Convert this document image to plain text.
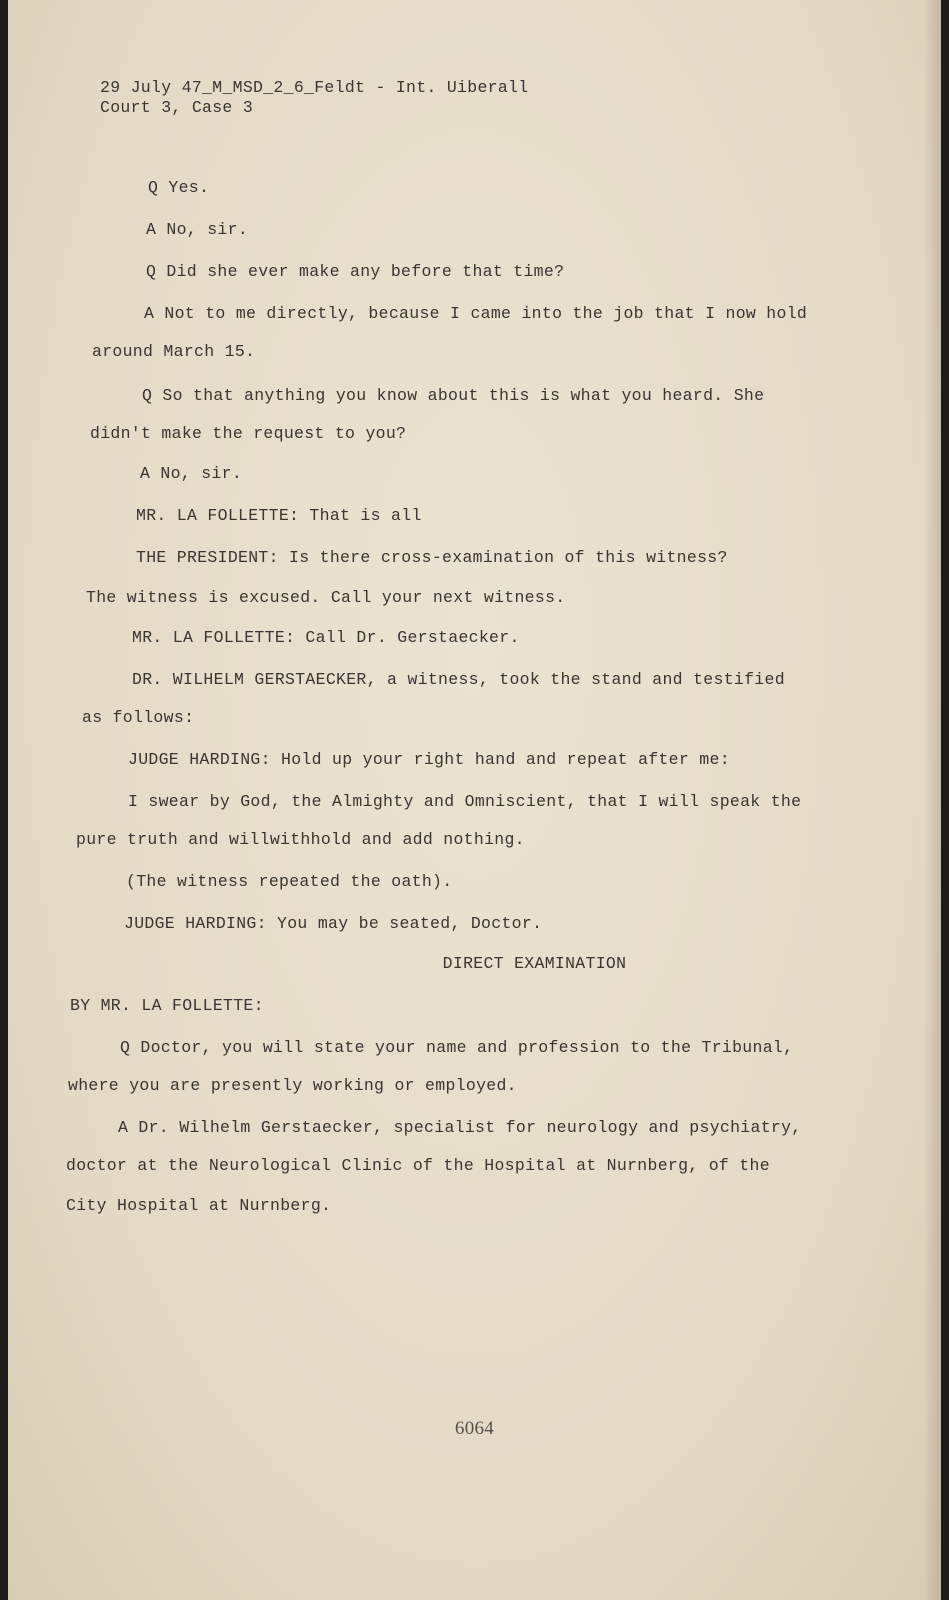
29 July 47_M_MSD_2_6_Feldt - Int. Uiberall
Court 3, Case 3
Q Yes.
A No, sir.
Q Did she ever make any before that time?
A Not to me directly, because I came into the job that I now hold
around March 15.
Q So that anything you know about this is what you heard. She
didn't make the request to you?
A No, sir.
MR. LA FOLLETTE: That is all
THE PRESIDENT: Is there cross-examination of this witness?
The witness is excused. Call your next witness.
MR. LA FOLLETTE: Call Dr. Gerstaecker.
DR. WILHELM GERSTAECKER, a witness, took the stand and testified
as follows:
JUDGE HARDING: Hold up your right hand and repeat after me:
I swear by God, the Almighty and Omniscient, that I will speak the
pure truth and willwithhold and add nothing.
(The witness repeated the oath).
JUDGE HARDING: You may be seated, Doctor.
DIRECT EXAMINATION
BY MR. LA FOLLETTE:
Q Doctor, you will state your name and profession to the Tribunal,
where you are presently working or employed.
A Dr. Wilhelm Gerstaecker, specialist for neurology and psychiatry,
doctor at the Neurological Clinic of the Hospital at Nurnberg, of the
City Hospital at Nurnberg.
6064
